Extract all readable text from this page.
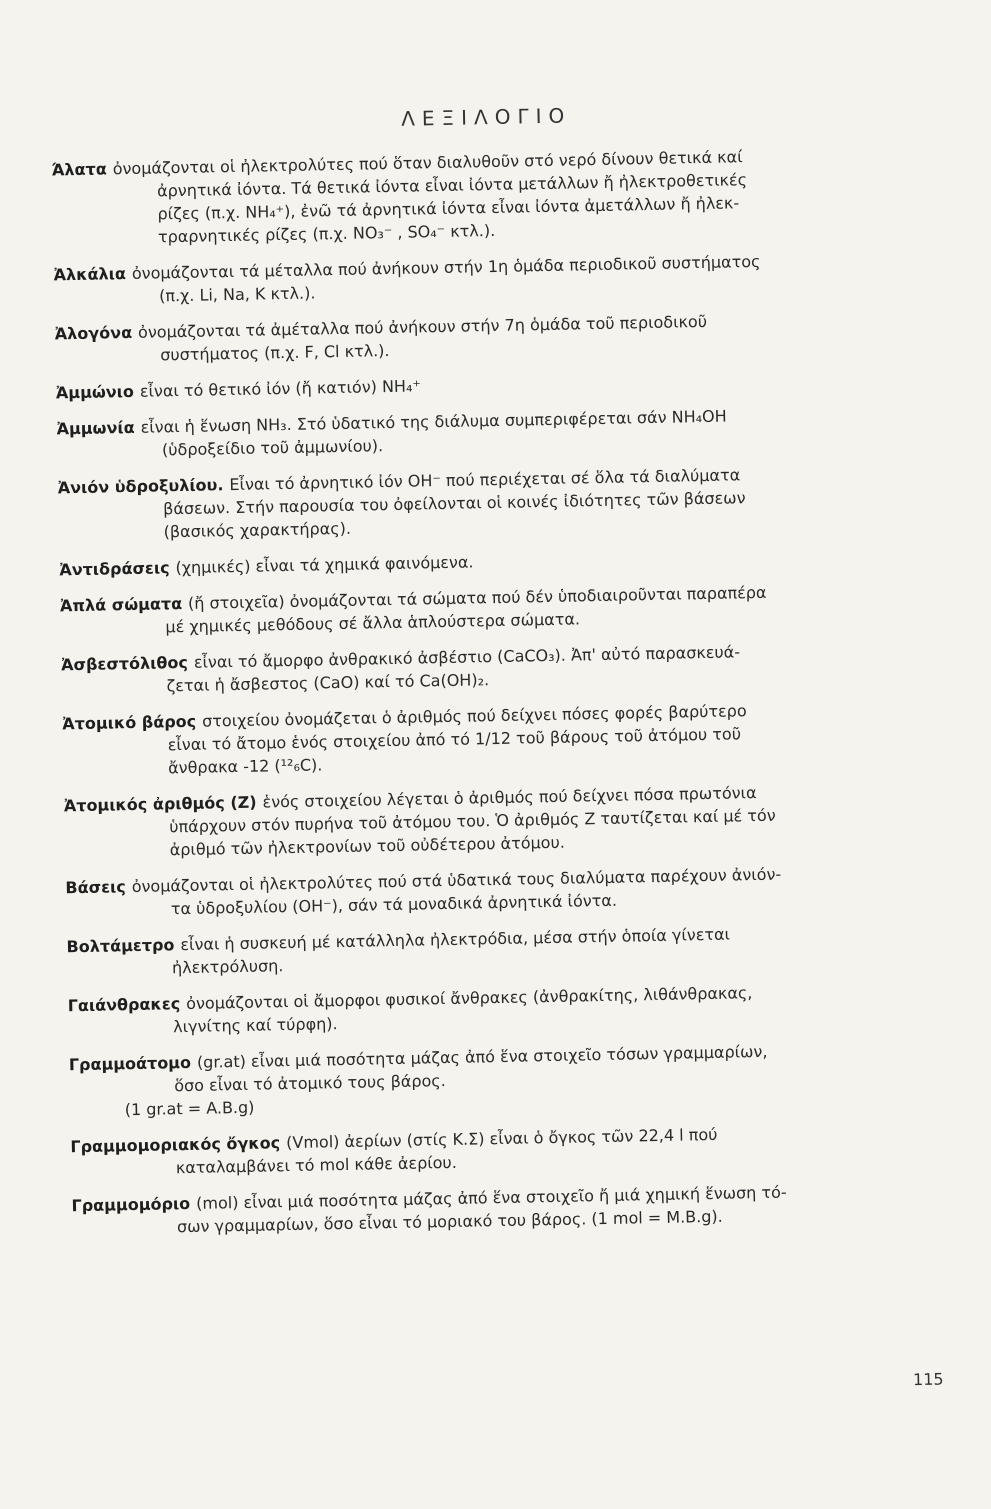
ΛΕΞΙΛΟΓΙΟ
Άλατα ὀνομάζονται οἱ ἠλεκτρολύτες πού ὅταν διαλυθοῦν στό νερό δίνουν θετικά καί
ἀρνητικά ἰόντα. Τά θετικά ἰόντα εἶναι ἰόντα μετάλλων ἤ ἠλεκτροθετικές
ρίζες (π.χ. NH₄⁺), ἐνῶ τά ἀρνητικά ἰόντα εἶναι ἰόντα ἀμετάλλων ἤ ἠλεκ-
τραρνητικές ρίζες (π.χ. NO₃⁻ , SO₄⁻ κτλ.).
Ἀλκάλια ὀνομάζονται τά μέταλλα πού ἀνήκουν στήν 1η ὁμάδα περιοδικοῦ συστήματος
(π.χ. Li, Na, K κτλ.).
Ἀλογόνα ὀνομάζονται τά ἀμέταλλα πού ἀνήκουν στήν 7η ὁμάδα τοῦ περιοδικοῦ
συστήματος (π.χ. F, Cl κτλ.).
Ἀμμώνιο εἶναι τό θετικό ἰόν (ἤ κατιόν) NH₄⁺
Ἀμμωνία εἶναι ἡ ἕνωση NH₃. Στό ὑδατικό της διάλυμα συμπεριφέρεται σάν NH₄OH
(ὑδροξείδιο τοῦ ἀμμωνίου).
Ἀνιόν ὑδροξυλίου. Εἶναι τό ἀρνητικό ἰόν OH⁻ πού περιέχεται σέ ὅλα τά διαλύματα
βάσεων. Στήν παρουσία του ὀφείλονται οἱ κοινές ἰδιότητες τῶν βάσεων
(βασικός χαρακτήρας).
Ἀντιδράσεις (χημικές) εἶναι τά χημικά φαινόμενα.
Ἀπλά σώματα (ἤ στοιχεῖα) ὀνομάζονται τά σώματα πού δέν ὑποδιαιροῦνται παραπέρα
μέ χημικές μεθόδους σέ ἄλλα ἁπλούστερα σώματα.
Ἀσβεστόλιθος εἶναι τό ἄμορφο ἀνθρακικό ἀσβέστιο (CaCO₃). Ἀπ' αὐτό παρασκευά-
ζεται ἡ ἄσβεστος (CaO) καί τό Ca(OH)₂.
Ἀτομικό βάρος στοιχείου ὀνομάζεται ὁ ἀριθμός πού δείχνει πόσες φορές βαρύτερο
εἶναι τό ἄτομο ἑνός στοιχείου ἀπό τό 1/12 τοῦ βάρους τοῦ ἀτόμου τοῦ
ἄνθρακα -12 (¹²₆C).
Ἀτομικός ἀριθμός (Z) ἑνός στοιχείου λέγεται ὁ ἀριθμός πού δείχνει πόσα πρωτόνια
ὑπάρχουν στόν πυρήνα τοῦ ἀτόμου του. Ὁ ἀριθμός Z ταυτίζεται καί μέ τόν
ἀριθμό τῶν ἠλεκτρονίων τοῦ οὐδέτερου ἀτόμου.
Βάσεις ὀνομάζονται οἱ ἠλεκτρολύτες πού στά ὑδατικά τους διαλύματα παρέχουν ἀνιόν-
τα ὑδροξυλίου (OH⁻), σάν τά μοναδικά ἀρνητικά ἰόντα.
Βολτάμετρο εἶναι ἡ συσκευή μέ κατάλληλα ἠλεκτρόδια, μέσα στήν ὁποία γίνεται
ἠλεκτρόλυση.
Γαιάνθρακες ὀνομάζονται οἱ ἄμορφοι φυσικοί ἄνθρακες (ἀνθρακίτης, λιθάνθρακας,
λιγνίτης καί τύρφη).
Γραμμοάτομο (gr.at) εἶναι μιά ποσότητα μάζας ἀπό ἕνα στοιχεῖο τόσων γραμμαρίων,
ὅσο εἶναι τό ἀτομικό τους βάρος.
(1 gr.at = A.B.g)
Γραμμομοριακός ὄγκος (Vmol) ἀερίων (στίς Κ.Σ) εἶναι ὁ ὄγκος τῶν 22,4 l πού
καταλαμβάνει τό mol κάθε ἀερίου.
Γραμμομόριο (mol) εἶναι μιά ποσότητα μάζας ἀπό ἕνα στοιχεῖο ἤ μιά χημική ἕνωση τό-
σων γραμμαρίων, ὅσο εἶναι τό μοριακό του βάρος. (1 mol = M.B.g).
115
